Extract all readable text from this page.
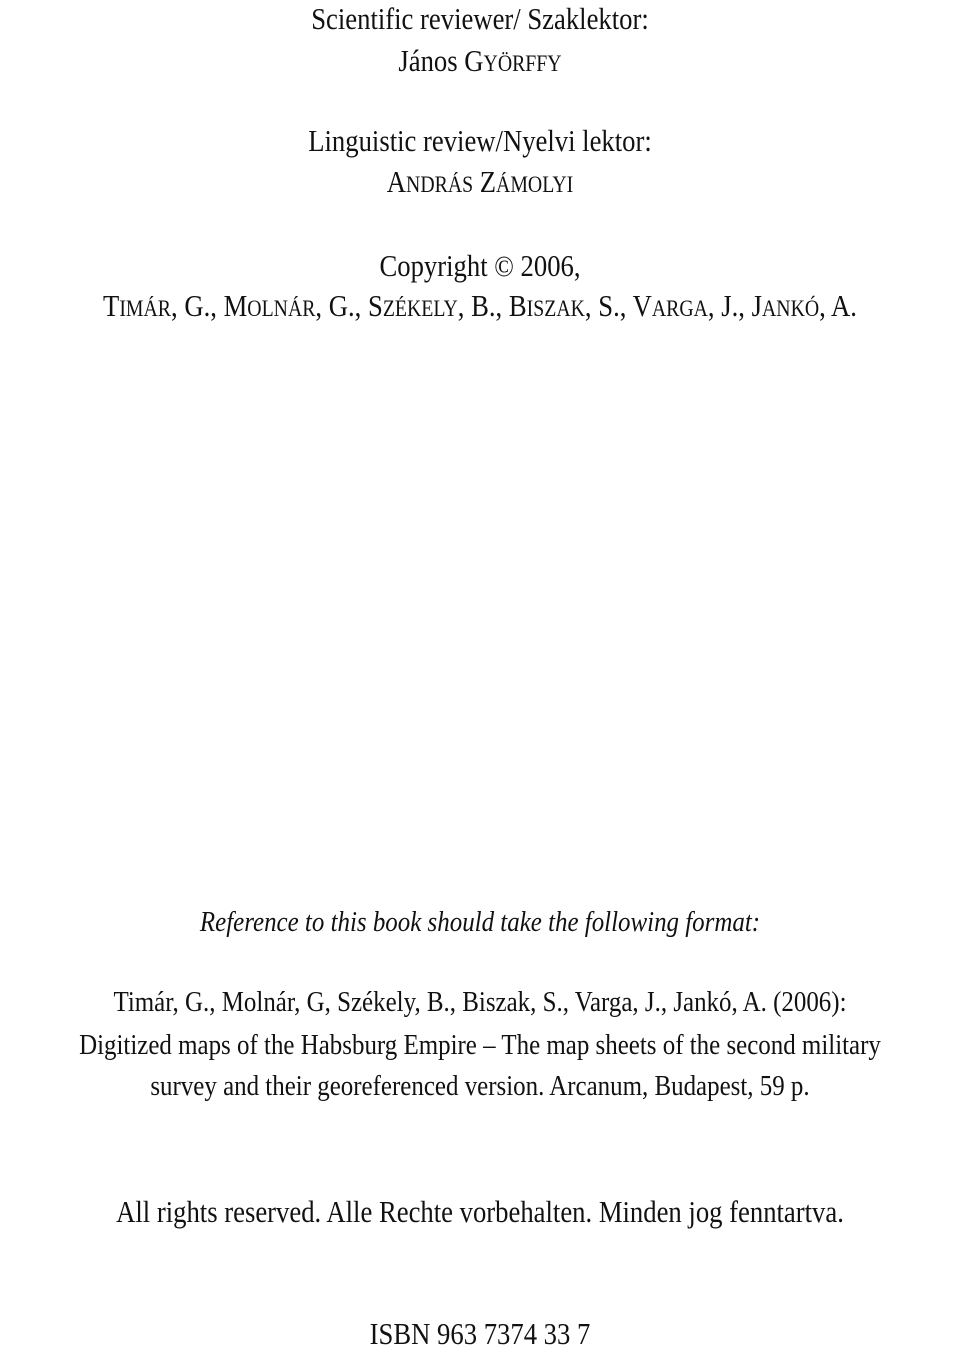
Scientific reviewer/ Szaklektor:
János GYÖRFFY
Linguistic review/Nyelvi lektor:
ANDRÁS ZÁMOLYI
Copyright © 2006,
TIMÁR, G., MOLNÁR, G., SZÉKELY, B., BISZAK, S., VARGA, J., JANKÓ, A.
Reference to this book should take the following format:
Timár, G., Molnár, G, Székely, B., Biszak, S., Varga, J., Jankó, A. (2006):
Digitized maps of the Habsburg Empire – The map sheets of the second military
survey and their georeferenced version. Arcanum, Budapest, 59 p.
All rights reserved. Alle Rechte vorbehalten. Minden jog fenntartva.
ISBN 963 7374 33 7
